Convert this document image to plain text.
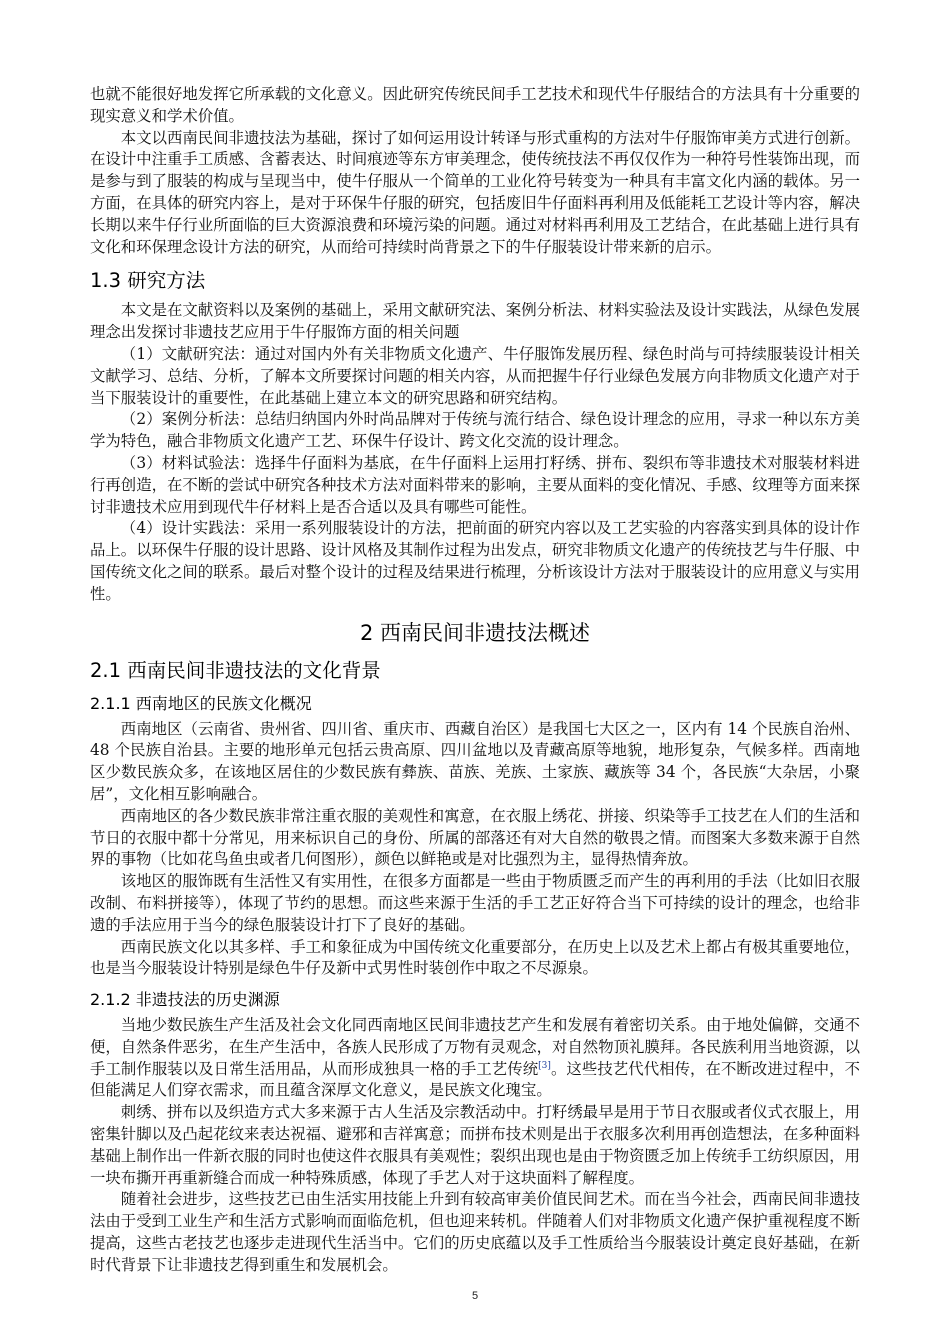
也就不能很好地发挥它所承载的文化意义。因此研究传统民间手工艺技术和现代牛仔服结合的方法具有十分重要的现实意义和学术价值。

本文以西南民间非遗技法为基础，探讨了如何运用设计转译与形式重构的方法对牛仔服饰审美方式进行创新。在设计中注重手工质感、含蓄表达、时间痕迹等东方审美理念，使传统技法不再仅仅作为一种符号性装饰出现，而是参与到了服装的构成与呈现当中，使牛仔服从一个简单的工业化符号转变为一种具有丰富文化内涵的载体。另一方面，在具体的研究内容上，是对于环保牛仔服的研究，包括废旧牛仔面料再利用及低能耗工艺设计等内容，解决长期以来牛仔行业所面临的巨大资源浪费和环境污染的问题。通过对材料再利用及工艺结合，在此基础上进行具有文化和环保理念设计方法的研究，从而给可持续时尚背景之下的牛仔服装设计带来新的启示。

1.3 研究方法

本文是在文献资料以及案例的基础上，采用文献研究法、案例分析法、材料实验法及设计实践法，从绿色发展理念出发探讨非遗技艺应用于牛仔服饰方面的相关问题

（1）文献研究法：通过对国内外有关非物质文化遗产、牛仔服饰发展历程、绿色时尚与可持续服装设计相关文献学习、总结、分析，了解本文所要探讨问题的相关内容，从而把握牛仔行业绿色发展方向非物质文化遗产对于当下服装设计的重要性，在此基础上建立本文的研究思路和研究结构。

（2）案例分析法：总结归纳国内外时尚品牌对于传统与流行结合、绿色设计理念的应用，寻求一种以东方美学为特色，融合非物质文化遗产工艺、环保牛仔设计、跨文化交流的设计理念。

（3）材料试验法：选择牛仔面料为基底，在牛仔面料上运用打籽绣、拼布、裂织布等非遗技术对服装材料进行再创造，在不断的尝试中研究各种技术方法对面料带来的影响，主要从面料的变化情况、手感、纹理等方面来探讨非遗技术应用到现代牛仔材料上是否合适以及具有哪些可能性。

（4）设计实践法：采用一系列服装设计的方法，把前面的研究内容以及工艺实验的内容落实到具体的设计作品上。以环保牛仔服的设计思路、设计风格及其制作过程为出发点，研究非物质文化遗产的传统技艺与牛仔服、中国传统文化之间的联系。最后对整个设计的过程及结果进行梳理，分析该设计方法对于服装设计的应用意义与实用性。

2 西南民间非遗技法概述
2.1 西南民间非遗技法的文化背景
2.1.1 西南地区的民族文化概况

西南地区（云南省、贵州省、四川省、重庆市、西藏自治区）是我国七大区之一，区内有 14 个民族自治州、48 个民族自治县。主要的地形单元包括云贵高原、四川盆地以及青藏高原等地貌，地形复杂，气候多样。西南地区少数民族众多，在该地区居住的少数民族有彝族、苗族、羌族、土家族、藏族等 34 个，各民族“大杂居，小聚居”，文化相互影响融合。

西南地区的各少数民族非常注重衣服的美观性和寓意，在衣服上绣花、拼接、织染等手工技艺在人们的生活和节日的衣服中都十分常见，用来标识自己的身份、所属的部落还有对大自然的敬畏之情。而图案大多数来源于自然界的事物（比如花鸟鱼虫或者几何图形），颜色以鲜艳或是对比强烈为主，显得热情奔放。

该地区的服饰既有生活性又有实用性，在很多方面都是一些由于物质匮乏而产生的再利用的手法（比如旧衣服改制、布料拼接等），体现了节约的思想。而这些来源于生活的手工艺正好符合当下可持续的设计的理念，也给非遗的手法应用于当今的绿色服装设计打下了良好的基础。

西南民族文化以其多样、手工和象征成为中国传统文化重要部分，在历史上以及艺术上都占有极其重要地位，也是当今服装设计特别是绿色牛仔及新中式男性时装创作中取之不尽源泉。

2.1.2 非遗技法的历史渊源

当地少数民族生产生活及社会文化同西南地区民间非遗技艺产生和发展有着密切关系。由于地处偏僻，交通不便，自然条件恶劣，在生产生活中，各族人民形成了万物有灵观念，对自然物顶礼膜拜。各民族利用当地资源，以手工制作服装以及日常生活用品，从而形成独具一格的手工艺传统[3]。这些技艺代代相传，在不断改进过程中，不但能满足人们穿衣需求，而且蕴含深厚文化意义，是民族文化瑰宝。

刺绣、拼布以及织造方式大多来源于古人生活及宗教活动中。打籽绣最早是用于节日衣服或者仪式衣服上，用密集针脚以及凸起花纹来表达祝福、避邪和吉祥寓意；而拼布技术则是出于衣服多次利用再创造想法，在多种面料基础上制作出一件新衣服的同时也使这件衣服具有美观性；裂织出现也是由于物资匮乏加上传统手工纺织原因，用一块布撕开再重新缝合而成一种特殊质感，体现了手艺人对于这块面料了解程度。

随着社会进步，这些技艺已由生活实用技能上升到有较高审美价值民间艺术。而在当今社会，西南民间非遗技法由于受到工业生产和生活方式影响而面临危机，但也迎来转机。伴随着人们对非物质文化遗产保护重视程度不断提高，这些古老技艺也逐步走进现代生活当中。它们的历史底蕴以及手工性质给当今服装设计奠定良好基础，在新时代背景下让非遗技艺得到重生和发展机会。

5
